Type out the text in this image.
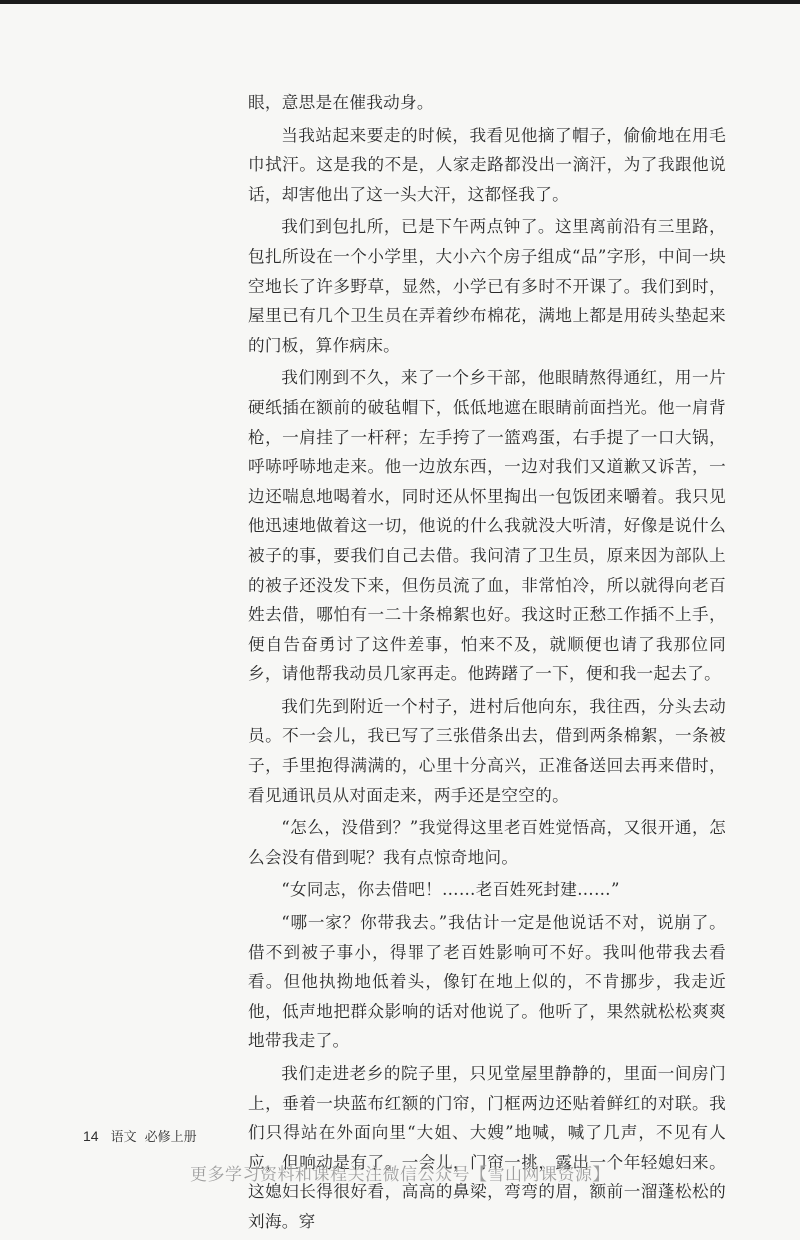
眼，意思是在催我动身。

当我站起来要走的时候，我看见他摘了帽子，偷偷地在用毛巾拭汗。这是我的不是，人家走路都没出一滴汗，为了我跟他说话，却害他出了这一头大汗，这都怪我了。

我们到包扎所，已是下午两点钟了。这里离前沿有三里路，包扎所设在一个小学里，大小六个房子组成“品”字形，中间一块空地长了许多野草，显然，小学已有多时不开课了。我们到时，屋里已有几个卫生员在弄着纱布棉花，满地上都是用砖头垫起来的门板，算作病床。

我们刚到不久，来了一个乡干部，他眼睛熬得通红，用一片硬纸插在额前的破毡帽下，低低地遮在眼睛前面挡光。他一肩背枪，一肩挂了一杆秤；左手挎了一篮鸡蛋，右手提了一口大锅，呼哧呼哧地走来。他一边放东西，一边对我们又道歉又诉苦，一边还喘息地喝着水，同时还从怀里掏出一包饭团来嚼着。我只见他迅速地做着这一切，他说的什么我就没大听清，好像是说什么被子的事，要我们自己去借。我问清了卫生员，原来因为部队上的被子还没发下来，但伤员流了血，非常怕冷，所以就得向老百姓去借，哪怕有一二十条棉絮也好。我这时正愁工作插不上手，便自告奋勇讨了这件差事，怕来不及，就顺便也请了我那位同乡，请他帮我动员几家再走。他踌躇了一下，便和我一起去了。

我们先到附近一个村子，进村后他向东，我往西，分头去动员。不一会儿，我已写了三张借条出去，借到两条棉絮，一条被子，手里抱得满满的，心里十分高兴，正准备送回去再来借时，看见通讯员从对面走来，两手还是空空的。

“怎么，没借到？”我觉得这里老百姓觉悟高，又很开通，怎么会没有借到呢？我有点惊奇地问。

“女同志，你去借吧！……老百姓死封建……”

“哪一家？你带我去。”我估计一定是他说话不对，说崩了。借不到被子事小，得罪了老百姓影响可不好。我叫他带我去看看。但他执拗地低着头，像钉在地上似的，不肯挪步，我走近他，低声地把群众影响的话对他说了。他听了，果然就松松爽爽地带我走了。

我们走进老乡的院子里，只见堂屋里静静的，里面一间房门上，垂着一块蓝布红额的门帘，门框两边还贴着鲜红的对联。我们只得站在外面向里“大姐、大嫂”地喊，喊了几声，不见有人应，但响动是有了。一会儿，门帘一挑，露出一个年轻媳妇来。这媳妇长得很好看，高高的鼻梁，弯弯的眉，额前一溜蓬松松的刘海。穿

14 语文 必修上册
更多学习资料和课程关注微信公众号【雪山网课资源】
